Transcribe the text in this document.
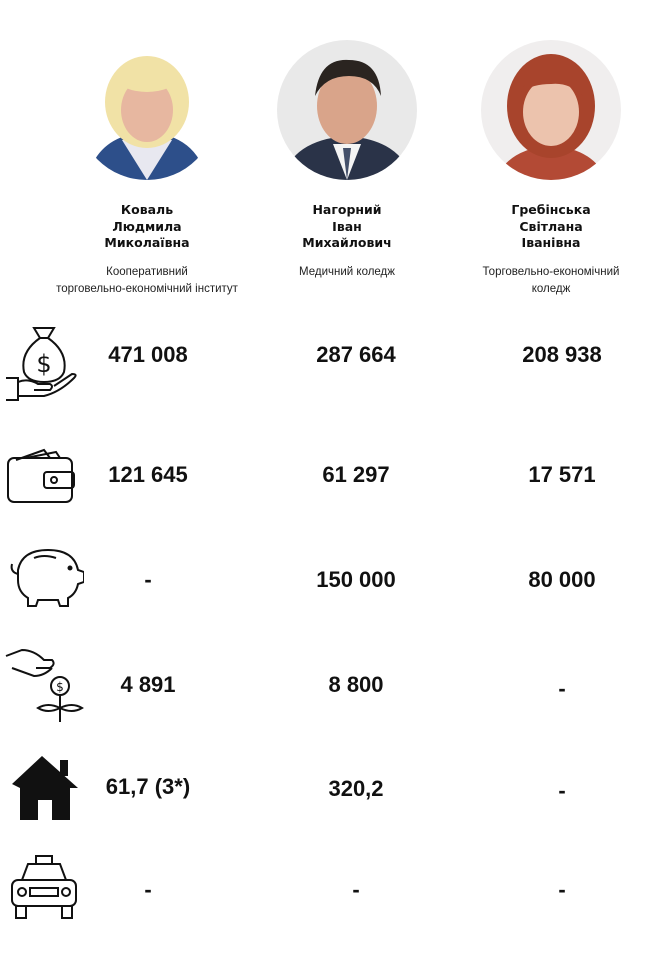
Коваль
Людмила
Миколаївна
Кооперативний
торговельно-економічний інститут
Нагорний
Іван
Михайлович
Медичний коледж
Гребінська
Світлана
Іванівна
Торговельно-економічний
коледж
$	471 008	287 664	208 938
121 645	61 297	17 571
-	150 000	80 000
$	4 891	8 800	-
61,7 (3*)	320,2	-
-	-	-
